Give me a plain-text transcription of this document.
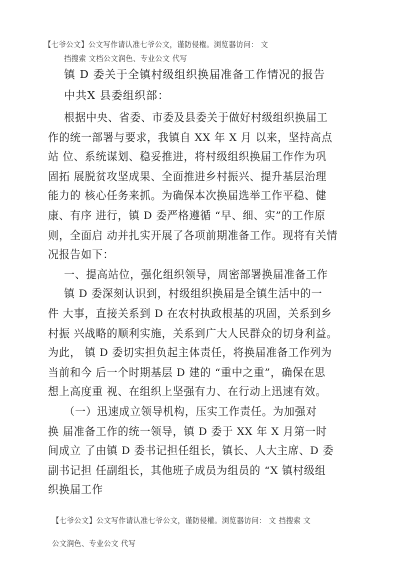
【七爷公文】公文写作请认准七爷公文，谨防侵権。浏览器访问： 文
挡搜索 文档公文润色、专业公文 代写
镇 D 委关于全镇村级组织换届准备工作情况的报告
中共X 县委组织部：
根据中央、省委、市委及县委关于做好村级组织换届工
作的统一部署与要求，我镇自 XX 年 X 月 以来，坚持高点
站 位、系统谋划、稳妥推进，将村级组织换届工作作为巩
固拓 展脱贫攻坚成果、全面推进乡村振兴、提升基层治理
能力的 核心任务来抓。为确保本次换届选举工作平稳、健
康、有序 进行，镇 D 委严格遵循 “早、细、实”的工作原
则，全面启 动并扎实开展了各项前期准备工作。现将有关情
况报告如下：
一、提高站位，强化组织领导，周密部署换届准备工作
镇 D 委深刻认识到，村级组织换届是全镇生活中的一
件 大事，直接关系到 D 在农村执政根基的巩固，关系到乡
村振 兴战略的顺利实施，关系到广大人民群众的切身利益。
为此， 镇 D 委切实担负起主体责任，将换届准备工作列为
当前和今 后一个时期基层 D 建的 “重中之重”，确保在思
想上高度重 视、在组织上坚强有力、在行动上迅速有效。
（一）迅速成立领导机构，压实工作责任。为加强对
换 届准备工作的统一领导，镇 D 委于 XX 年 X 月第一时
间成立 了由镇 D 委书记担任组长，镇长、人大主席、D 委
副书记担 任副组长，其他班子成员为组员的 “X 镇村级组
织换届工作
【七爷公文】公文写作请认准七爷公文，谨防侵權。浏览器访问： 文 挡搜索 文
公文润色、专业公文 代写
